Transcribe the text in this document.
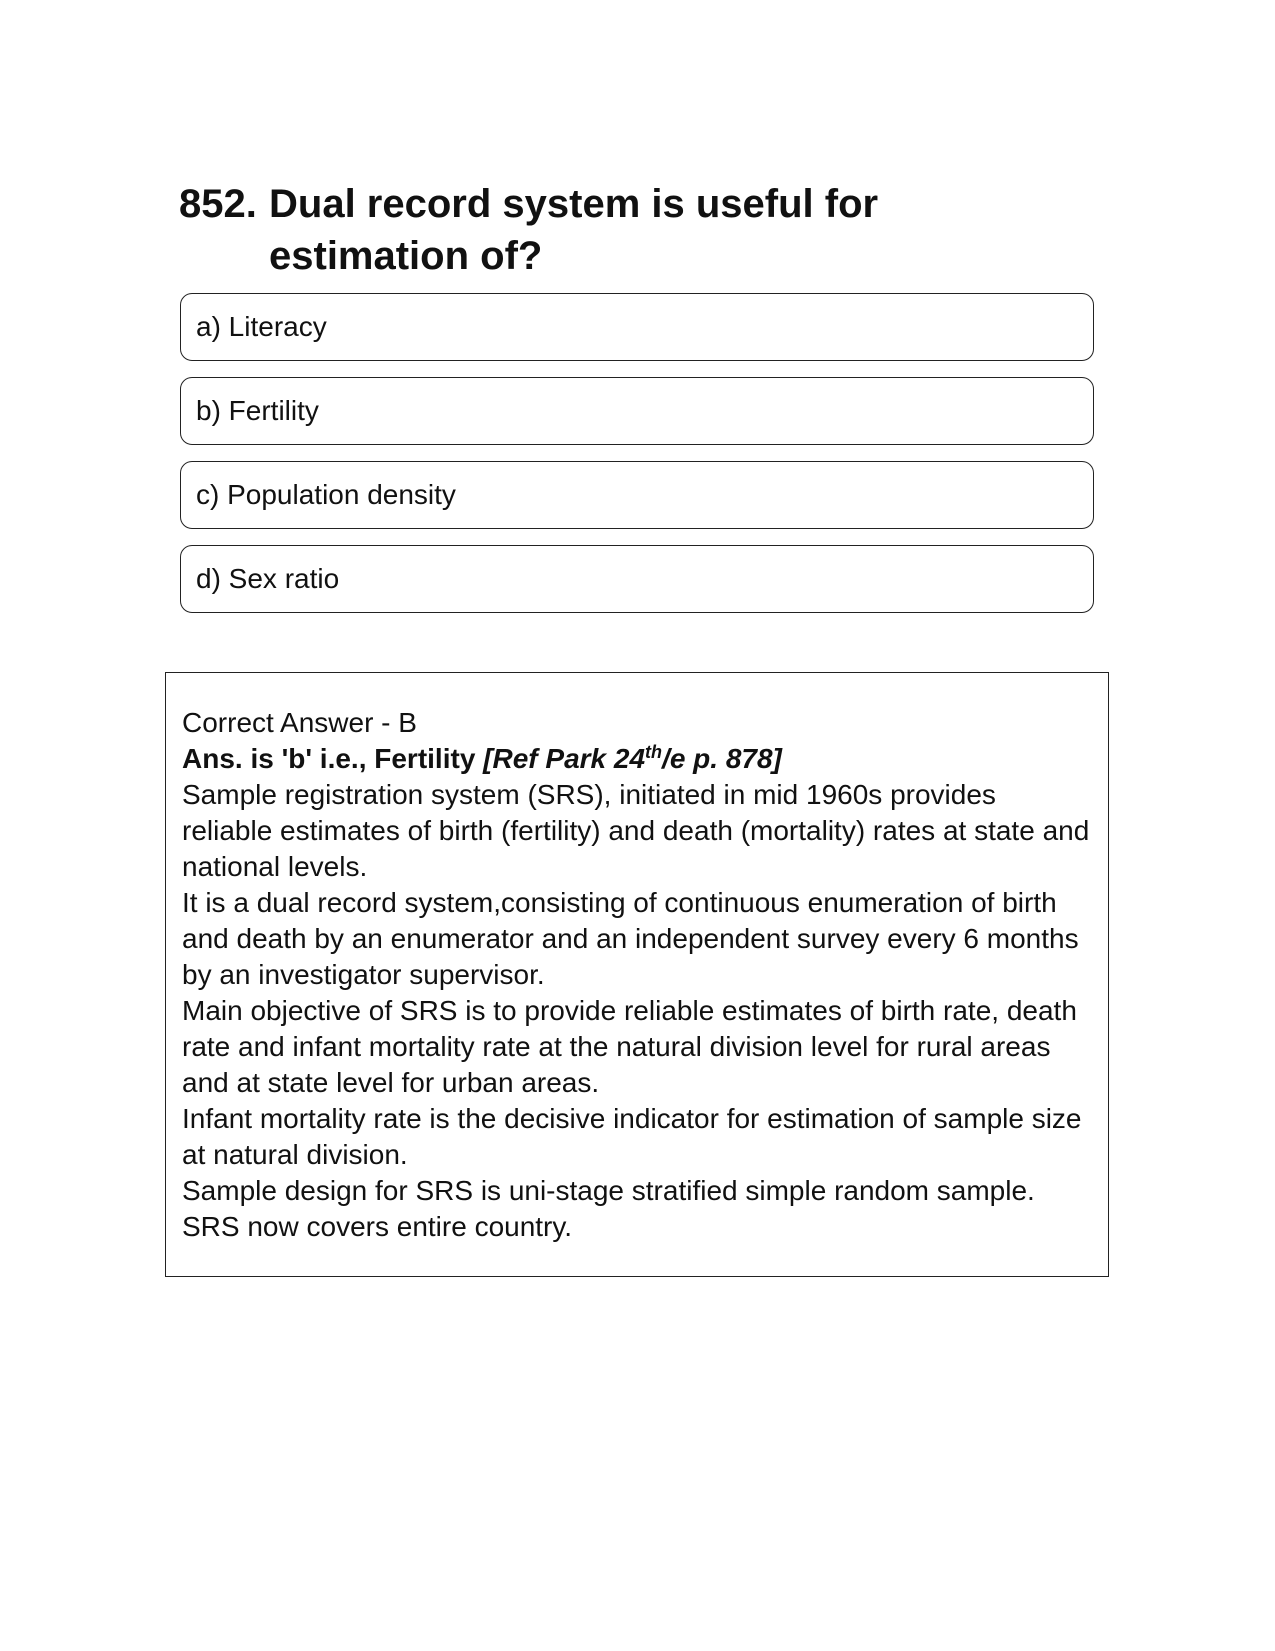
852. Dual record system is useful for estimation of?
a) Literacy
b) Fertility
c) Population density
d) Sex ratio

Correct Answer - B

Ans. is 'b' i.e., Fertility [Ref Park 24th/e p. 878]

Sample registration system (SRS), initiated in mid 1960s provides reliable estimates of birth (fertility) and death (mortality) rates at state and national levels.

It is a dual record system,consisting of continuous enumeration of birth and death by an enumerator and an independent survey every 6 months by an investigator supervisor.

Main objective of SRS is to provide reliable estimates of birth rate, death rate and infant mortality rate at the natural division level for rural areas and at state level for urban areas.

Infant mortality rate is the decisive indicator for estimation of sample size at natural division.

Sample design for SRS is uni-stage stratified simple random sample. SRS now covers entire country.
